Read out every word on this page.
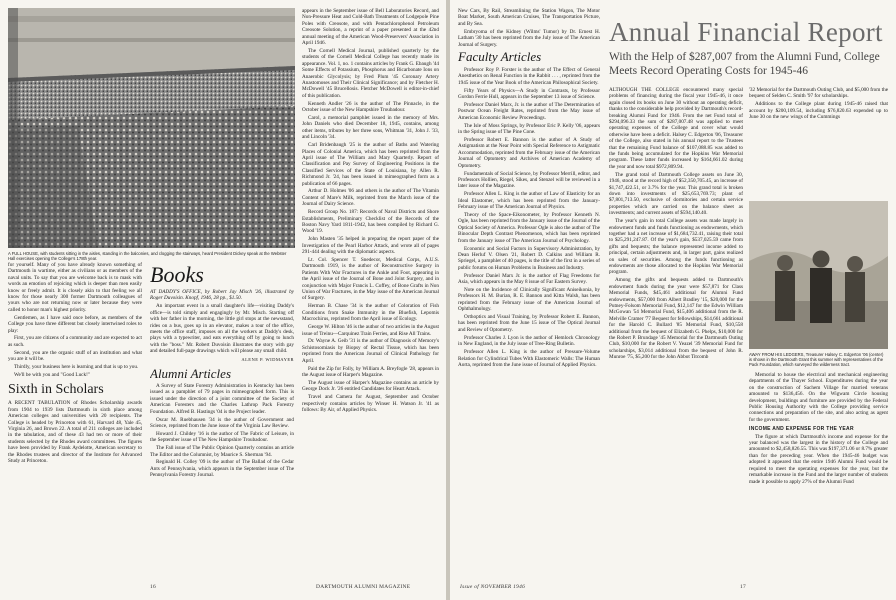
A FULL HOUSE, with students sitting in the aisles, standing in the balconies, and clogging the stairways, heard President Dickey speak at the Webster Hall exercises opening the College's 178th year.

for yourself. Many of you have already known something of Dartmouth in wartime, either as civilians or as members of the naval units. To say that you are welcome back is to mask with words an emotion of rejoicing which is deeper than men easily know or freely admit. It is closely akin to that feeling we all know for those nearly 300 former Dartmouth colleagues of yours who are not returning now or later because they were called to honor man's highest priority.

Gentlemen, as I have said once before, as members of the College you have three different but closely intertwined roles to play:

First, you are citizens of a community and are expected to act as such.

Second, you are the organic stuff of an institution and what you are it will be.

Thirdly, your business here is learning and that is up to you.

We'll be with you and "Good Luck!"

Sixth in Scholars

A RECENT TABULATION of Rhodes Scholarship awards from 1904 to 1939 lists Dartmouth in sixth place among American colleges and universities with 20 recipients. The College is headed by Princeton with 61, Harvard 48, Yale 45, Virginia 26, and Brown 22. A total of 211 colleges are included in the tabulation, and of these 43 had ten or more of their students selected by the Rhodes award committees. The figures have been provided by Frank Aydelotte, American secretary to the Rhodes trustees and director of the Institute for Advanced Study at Princeton.

Books

AT DADDY'S OFFICE, by Robert Jay Misch '26, illustrated by Roger Duvoisin. Knopf, 1946, 28 pp., $1.50.

An important event in a small daughter's life—visiting Daddy's office—is told simply and engagingly by Mr. Misch. Starting off with her father in the morning, the little girl stops at the newsstand, rides on a bus, goes up in an elevator, makes a tour of the office, meets the office staff, imposes on all the workers at Daddy's desk, plays with a typewriter, and eats everything off by going to lunch with the "boss." Mr. Robert Duvoisin illustrates the story with gay and detailed full-page drawings which will please any small child.

ALENE P. WIDMAYER
Alumni Articles

A Survey of State Forestry Administration in Kentucky has been issued as a pamphlet of 79 pages in mimeographed form. This is issued under the direction of a joint committee of the Society of American Foresters and the Charles Lathrop Pack Forestry Foundation. Alfred B. Hastings '04 is the Project leader.

Oscar M. Ruebhausen '34 is the author of Government and Science, reprinted from the June issue of the Virginia Law Review.

Howard J. Childey '16 is the author of The Fabric of Leisure, in the September issue of The New Hampshire Troubadour.

The Fall issue of The Public Opinion Quarterly contains an article The Editor and the Columnist, by Maurice S. Sherman '94.

Reginald H. Colley '09 is the author of The Ballad of the Cedar Ants of Pennsylvania, which appears in the September issue of The Pennsylvania Forestry Journal.

appears in the September issue of Bell Laboratories Record, and Non-Pressure Heat and Cold-Bath Treatments of Lodgepole Pine Poles with Creosote, and with Pentachlorophenol Petroleum Creosote Solution, a reprint of a paper presented at the 42nd annual meeting of the American Wood-Preservers' Association in April 1946.

The Cornell Medical Journal, published quarterly by the students of the Cornell Medical College has recently made its appearance. Vol. 1, no. 1 contains articles by Frank G. Ebaugh '44 Some Effects of Potassium, Phosphorus and Bicarbonate Ions on Anaerobic Glycolysis; by Fred Plum '45 Coronary Artery Anastomoses and Their Clinical Significance; and by Fletcher H. McDowell '45 Brucellosis. Fletcher McDowell is editor-in-chief of this publication.

Kenneth Andler '26 is the author of The Pinnacle, in the October issue of the New Hampshire Troubadour.

Carol, a memorial pamphlet issued in the memory of Mrs. John Daniels who died December 18, 1945, contains, among other items, tributes by her three sons, Whitman '31, John J. '33, and Lincoln '34.

Carl Bridenbaugh '25 is the author of Baths and Watering Places of Colonial America, which has been reprinted from the April issue of The William and Mary Quarterly. Report of Classification and Pay Survey of Engineering Positions in the Classified Services of the State of Louisiana, by Allen R. Richmond Jr. '24, has been issued in mimeographed form as a publication of 66 pages.

Arthur D. Holmes '06 and others is the author of The Vitamin Content of Mare's Milk, reprinted from the March issue of the Journal of Dairy Science.

Record Group No. 187: Records of Naval Districts and Shore Establishments, Preliminary Checklist of the Records of the Boston Navy Yard 1811-1942, has been compiled by Richard G. Wood '19.

John Masten '35 helped in preparing the report paper of the Investigation of the Pearl Harbor Attack, and wrote all of pages 291-444 dealing with the diplomatic aspects.

Lt. Col. Spencer T. Snedecor, Medical Corps, A.U.S. Dartmouth 1919, is the author of Reconstructive Surgery in Patients With War Fractures in the Ankle and Foot, appearing in the April issue of the Journal of Bone and Joint Surgery, and in conjunction with Major Francis L. Coffey, of Bone Grafts in Non Union of War Fractures, in the May issue of the American Journal of Surgery.

Herman B. Chase '34 is the author of Coloration of Fish Conditions from Snake Immunity in the Bluefish, Lepomis Macrochirus, reprinted from the April issue of Ecology.

George W. Hilton '46 is the author of two articles in the August issue of Treinu—Carquinez Train Ferries, and Rise All Trains.

Dr. Wayne A. Geib '31 is the author of Diagnosis of Memory's Schistosomiasis by Biopsy of Rectal Tissue, which has been reprinted from the American Journal of Clinical Pathology for April.

Paid the Zip for Folly, by William A. Breyfogle '28, appears in the August issue of Harper's Magazine.

The August issue of Harper's Magazine contains an article by George Dock Jr. '26 entitled Candidates for Heart Attack.

Travel and Camera for August, September and October respectively contains articles by Winser H. Watson Jr. '41 as follows: By Air, of Applied Physics.

16	DARTMOUTH ALUMNI MAGAZINE

New Cars, By Rail, Streamlining the Station Wagon, The Motor Boat Market, South American Cruises, The Transportation Picture, and By Sea.

Embryoma of the Kidney (Wilms' Tumor) by Dr. Ernest H. Latham '30 has been reprinted from the July issue of The American Journal of Surgery.

Faculty Articles

Professor Roy P. Forster is the author of The Effect of General Anesthetics on Renal Function in the Rabbit . . . , reprinted from the 1945 issue of the Year Book of the American Philosophical Society.

Fifty Years of Physics—A Study in Contrasts, by Professor Gordon Ferrie Hull, appears in the September 13 issue of Science.

Professor Daniel Marx, Jr. is the author of The Determination of Postwar Ocean Freight Rates, reprinted from the May issue of American Economic Review Proceedings.

The Isle of Moss Springs, by Professor Eric P. Kelly '06, appears in the Spring issue of The Pine Cone.

Professor Robert E. Bannon is the author of A Study of Astigmatism at the Near Point with Special Reference to Astigmatic Accommodation, reprinted from the February issue of the American Journal of Optometry and Archives of American Academy of Optometry.

Fundamentals of Social Science, by Professor Merrill, editor, and Professors Hollien, Riegel, Sikes, and Stenzel will be reviewed in a later issue of the Magazine.

Professor Allen L. King is the author of Law of Elasticity for an Ideal Elastomer, which has been reprinted from the January-February issue of The American Journal of Physics.

Theory of the Space-Eikonometer, by Professor Kenneth N. Ogle, has been reprinted from the January issue of the Journal of the Optical Society of America. Professor Ogle is also the author of The Binocular Depth Contrast Phenomenon, which has been reprinted from the January issue of The American Journal of Psychology.

Economic and Social Factors in Supervisory Administration, by Dean Herluf V. Olsen '21, Robert D. Calkins and William R. Spriegel, a pamphlet of 40 pages, is the title of the first in a series of public forums on Human Problems in Business and Industry.

Professor Daniel Marx Jr. is the author of Flag Freedoms for Asia, which appears in the May 8 issue of Far Eastern Survey.

Note on the Incidence of Clinically Significant Aniseikonia, by Professors H. M. Burian, R. E. Bannon and Kitta Walsh, has been reprinted from the February issue of the American Journal of Ophthalmology.

Orthoptics and Visual Training, by Professor Robert E. Bannon, has been reprinted from the June 15 issue of The Optical Journal and Review of Optometry.

Professor Charles J. Lyon is the author of Hemlock Chronology in New England, in the July issue of Tree-Ring Bulletin.

Professor Allen L. King is the author of Pressure-Volume Relation for Cylindrical Tubes With Elastomeric Walls: The Human Aorta, reprinted from the June issue of Journal of Applied Physics.

Annual Financial Report
With the Help of $287,007 from the Alumni Fund, College Meets Record Operating Costs for 1945-46

ALTHOUGH THE COLLEGE encountered many special problems of financing during the fiscal year 1945-46, it once again closed its books on June 30 without an operating deficit, thanks to the considerable help provided by Dartmouth's record-breaking Alumni Fund for 1946. From the net Fund total of $294,096.33 the sum of $287,007.48 was applied to meet operating expenses of the College and cover what would otherwise have been a deficit. Halsey C. Edgerton '06, Treasurer of the College, also stated in his annual report to the Trustees that the remaining Fund balance of $107,088.85 was added to the funds being accumulated for the Hopkins War Memorial program. These latter funds increased by $164,661.02 during the year and now total $972,809.94.

The grand total of Dartmouth College assets on June 30, 1946, stood at the record high of $52,350,705.45, an increase of $1,747,422.51, or 3.7% for the year. This grand total is broken down into investments of $25,653,769.73; plant of $7,801,713.50, exclusive of dormitories and certain service properties which are carried on the balance sheet as investments; and current assets of $594,140.40.

The year's gain in total College assets was made largely in endowment funds and funds functioning as endowments, which together had a net increase of $1,684,732.41, raising their total to $25,291,247.87. Of the year's gain, $537,025.59 came from gifts and bequests; the balance represented income added to principal, certain adjustments and, in larger part, gains realized on sales of securities. Among the funds functioning as endowments are those allocated to the Hopkins War Memorial program.

Among the gifts and bequests added to Dartmouth's endowment funds during the year were $57,871 for Class Memorial Funds, $45,461 additional for Alumni Fund endowments, $57,000 from Albert Bradley '15, $20,000 for the Putney-Folsom Memorial Fund, $12,147 for the Edwin William McGowan '54 Memorial Fund, $15,406 additional from the R. Melville Cramer '77 Bequest for fellowships, $14,661 additional for the Harold C. Bullard '85 Memorial Fund, $10,558 additional from the bequest of Elizabeth G. Phelps, $10,000 for the Robert P. Brundage '45 Memorial for the Dartmouth Outing Club, $10,000 for the Robert V. Yeazel '39 Memorial Fund for scholarships, $3,014 additional from the bequest of John R. Munroe '75, $5,200 for the John Abbot Titcomb

'32 Memorial for the Dartmouth Outing Club, and $5,000 from the bequest of Selden C. Smith '97 for scholarships.

Additions to the College plant during 1945-46 raised that account by $200,109.54, including $76,820.63 expended up to June 30 on the new wings of the Cummings

AWAY FROM HIS LEDGERS, Treasurer Halsey C. Edgerton '06 (center) is shown in the Dartmouth Grant this summer with representatives of the Pack Foundation, which surveyed the wilderness tract.

Memorial to house the electrical and mechanical engineering departments of the Thayer School. Expenditures during the year on the construction of Sachem Village for married veterans amounted to $136,456. On the Wigwam Circle housing development, buildings and furniture are provided by the Federal Public Housing Authority with the College providing service connections and preparation of the site, and also acting as agent for the government.

INCOME AND EXPENSE FOR THE YEAR

The figure at which Dartmouth's income and expense for the year balanced was the largest in the history of the College and amounted to $2,458,826.55. This was $197,371.06 or 8.7% greater than for the preceding year. When the 1945-46 budget was adopted it appeared that the entire 1946 Alumni Fund would be required to meet the operating expenses for the year, but the remarkable increase in the Fund and the larger number of students made it possible to apply 27% of the Alumni Fund

Issue of NOVEMBER 1946	17
